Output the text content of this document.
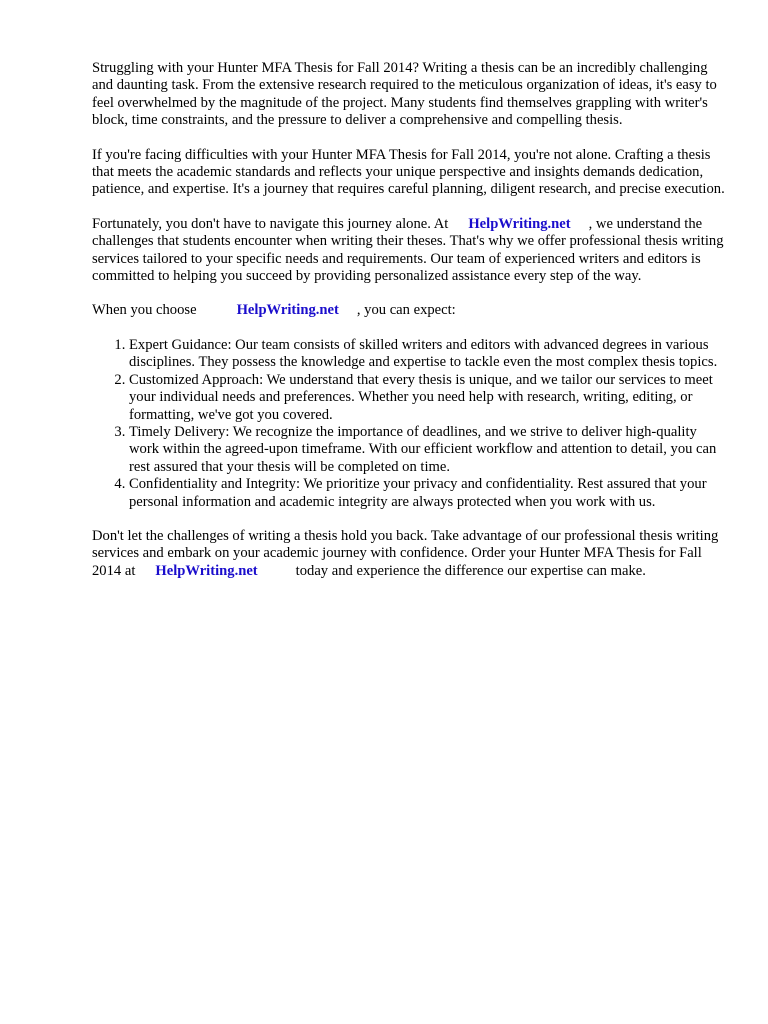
Struggling with your Hunter MFA Thesis for Fall 2014? Writing a thesis can be an incredibly challenging and daunting task. From the extensive research required to the meticulous organization of ideas, it's easy to feel overwhelmed by the magnitude of the project. Many students find themselves grappling with writer's block, time constraints, and the pressure to deliver a comprehensive and compelling thesis.

If you're facing difficulties with your Hunter MFA Thesis for Fall 2014, you're not alone. Crafting a thesis that meets the academic standards and reflects your unique perspective and insights demands dedication, patience, and expertise. It's a journey that requires careful planning, diligent research, and precise execution.

Fortunately, you don't have to navigate this journey alone. At HelpWriting.net , we understand the challenges that students encounter when writing their theses. That's why we offer professional thesis writing services tailored to your specific needs and requirements. Our team of experienced writers and editors is committed to helping you succeed by providing personalized assistance every step of the way.

When you choose	HelpWriting.net , you can expect:

1. Expert Guidance: Our team consists of skilled writers and editors with advanced degrees in various disciplines. They possess the knowledge and expertise to tackle even the most complex thesis topics.
2. Customized Approach: We understand that every thesis is unique, and we tailor our services to meet your individual needs and preferences. Whether you need help with research, writing, editing, or formatting, we've got you covered.
3. Timely Delivery: We recognize the importance of deadlines, and we strive to deliver high-quality work within the agreed-upon timeframe. With our efficient workflow and attention to detail, you can rest assured that your thesis will be completed on time.
4. Confidentiality and Integrity: We prioritize your privacy and confidentiality. Rest assured that your personal information and academic integrity are always protected when you work with us.

Don't let the challenges of writing a thesis hold you back. Take advantage of our professional thesis writing services and embark on your academic journey with confidence. Order your Hunter MFA Thesis for Fall 2014 at HelpWriting.net	today and experience the difference our expertise can make.
